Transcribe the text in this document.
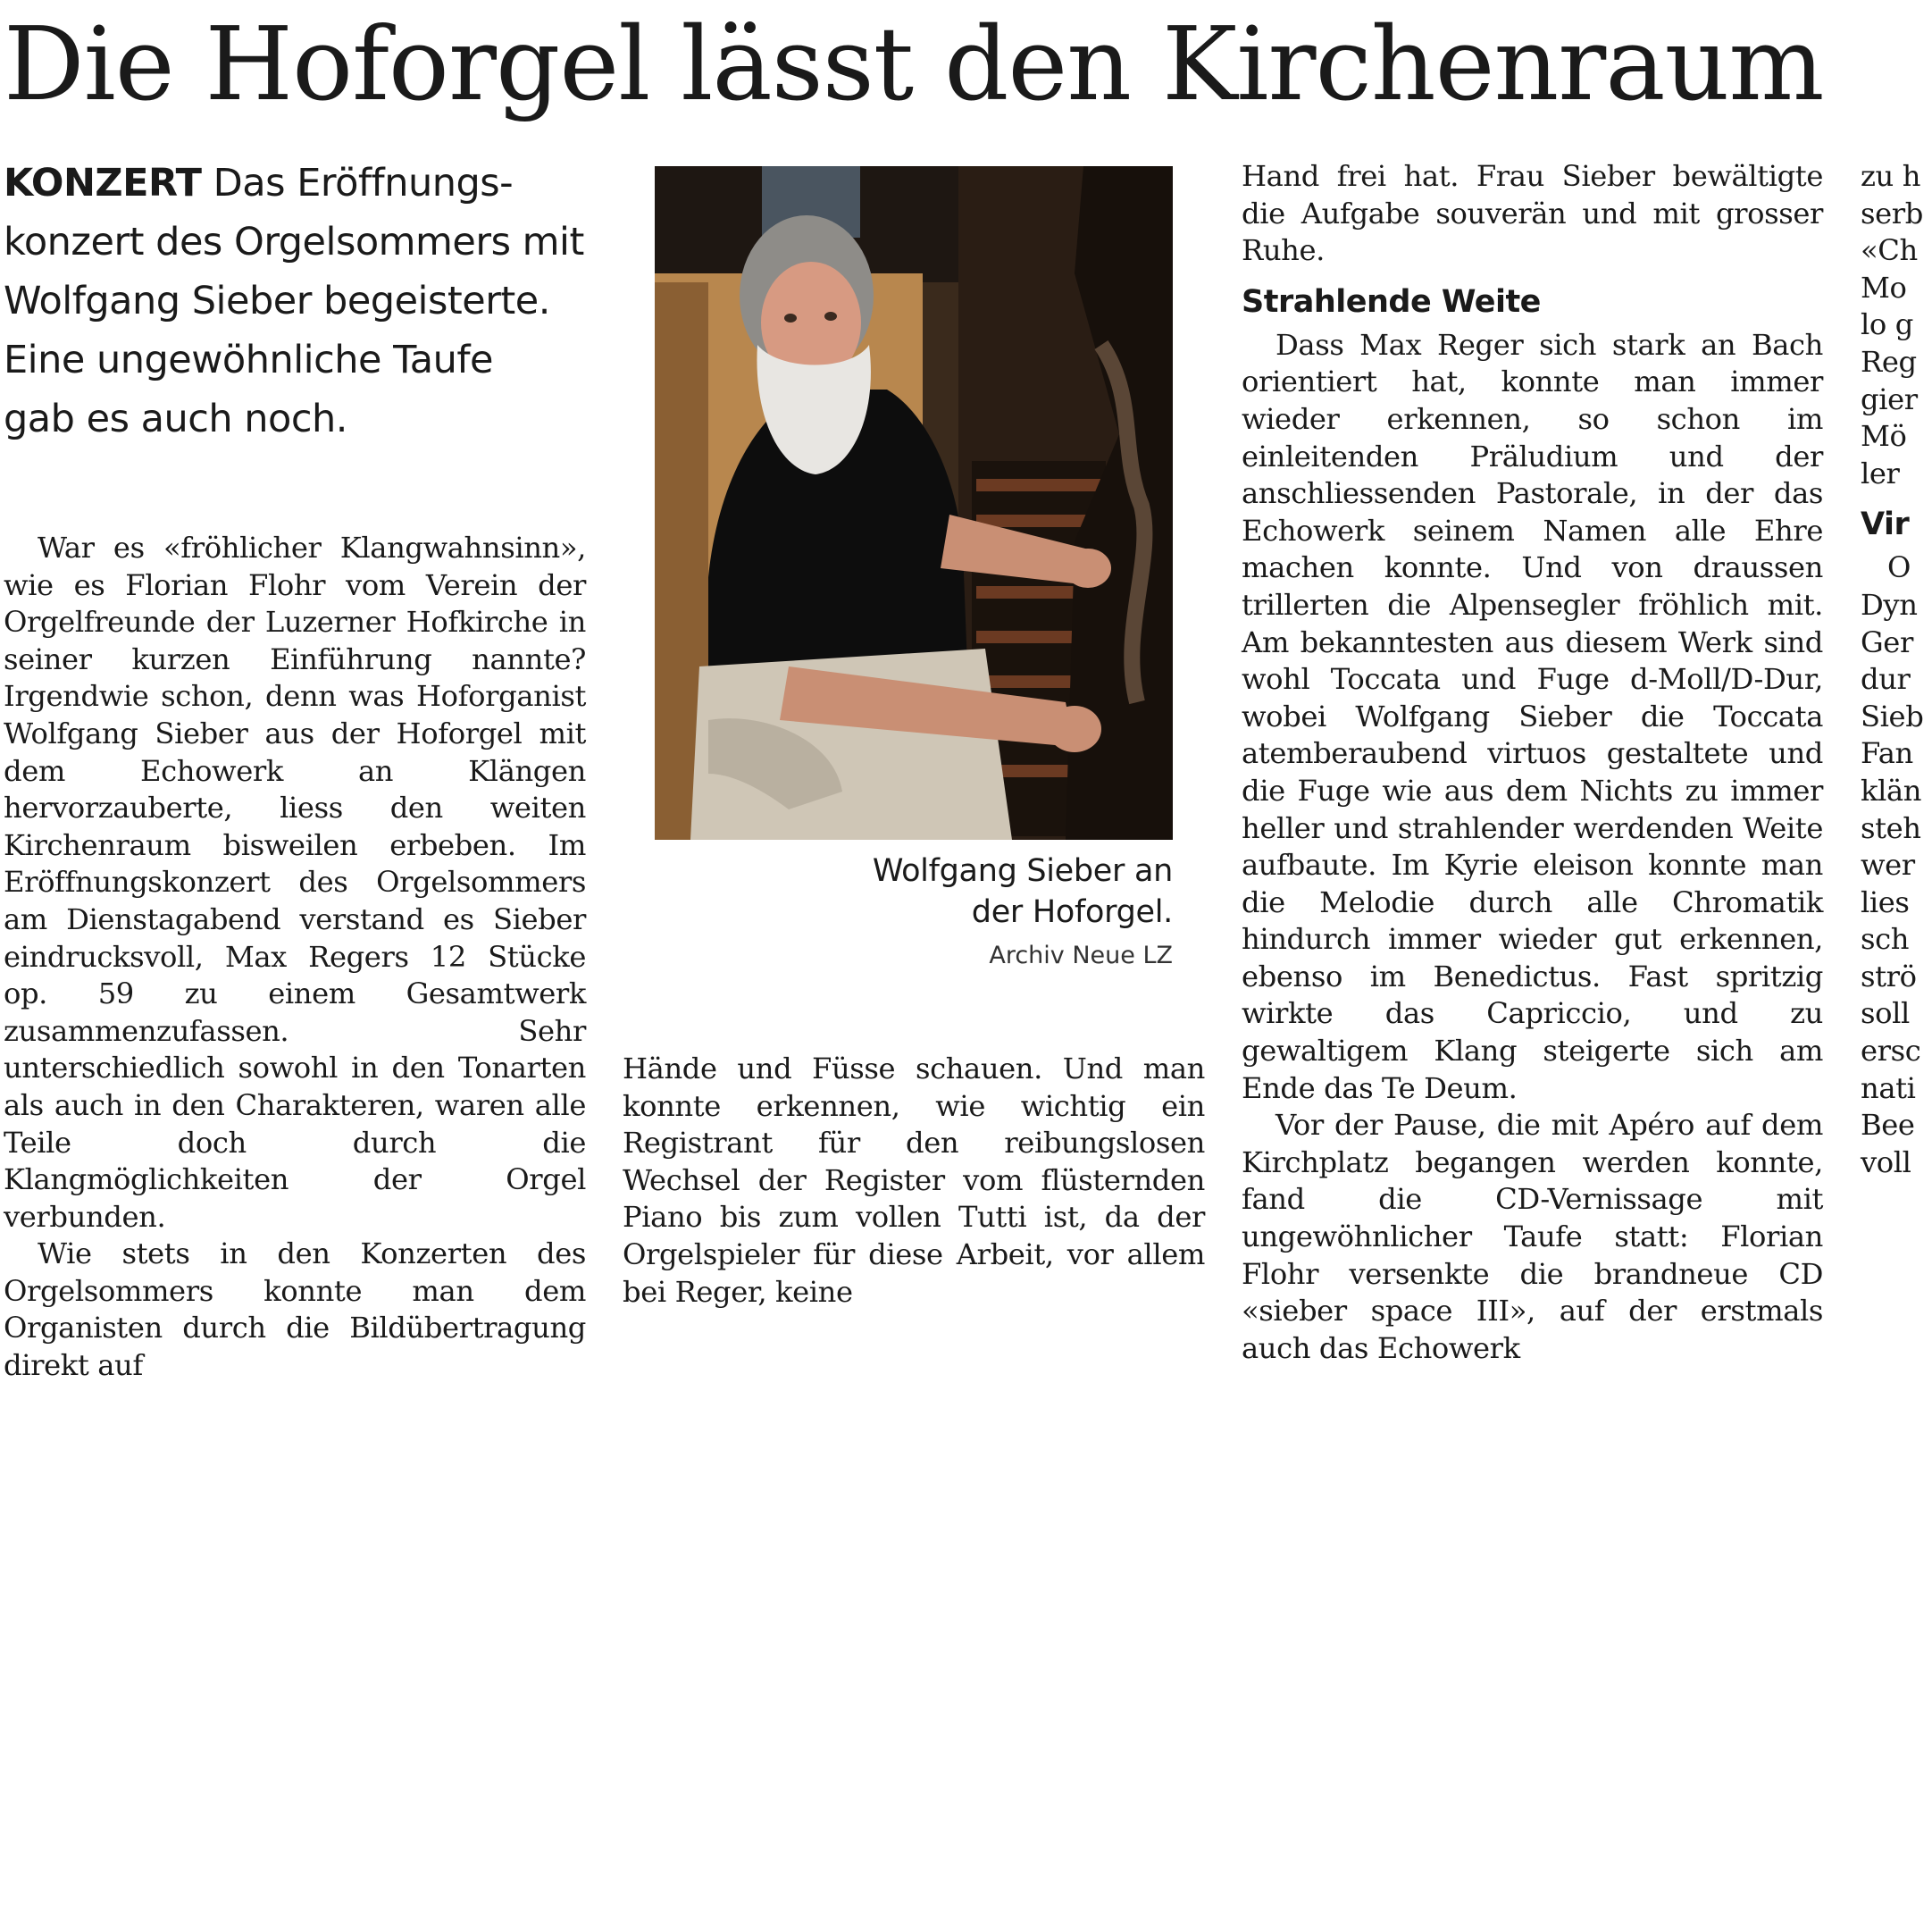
Die Hoforgel lässt den Kirchenraum

KONZERT Das Eröffnungs-
konzert des Orgelsommers mit
Wolfgang Sieber begeisterte.
Eine ungewöhnliche Taufe
gab es auch noch.

War es «fröhlicher Klangwahnsinn», wie es Florian Flohr vom Verein der Orgelfreunde der Luzerner Hofkirche in seiner kurzen Einführung nannte? Irgendwie schon, denn was Hoforganist Wolfgang Sieber aus der Hoforgel mit dem Echowerk an Klängen hervorzauberte, liess den weiten Kirchenraum bisweilen erbeben. Im Eröffnungskonzert des Orgelsommers am Dienstagabend verstand es Sieber eindrucksvoll, Max Regers 12 Stücke op. 59 zu einem Gesamtwerk zusammenzufassen. Sehr unterschiedlich sowohl in den Tonarten als auch in den Charakteren, waren alle Teile doch durch die Klangmöglichkeiten der Orgel verbunden.

Wie stets in den Konzerten des Orgelsommers konnte man dem Organisten durch die Bildübertragung direkt auf

Wolfgang Sieber an
der Hoforgel.
Archiv Neue LZ

Hände und Füsse schauen. Und man konnte erkennen, wie wichtig ein Registrant für den reibungslosen Wechsel der Register vom flüsternden Piano bis zum vollen Tutti ist, da der Orgelspieler für diese Arbeit, vor allem bei Reger, keine

Hand frei hat. Frau Sieber bewältigte die Aufgabe souverän und mit grosser Ruhe.

Strahlende Weite

Dass Max Reger sich stark an Bach orientiert hat, konnte man immer wieder erkennen, so schon im einleitenden Präludium und der anschliessenden Pastorale, in der das Echowerk seinem Namen alle Ehre machen konnte. Und von draussen trillerten die Alpensegler fröhlich mit. Am bekanntesten aus diesem Werk sind wohl Toccata und Fuge d-Moll/D-Dur, wobei Wolfgang Sieber die Toccata atemberaubend virtuos gestaltete und die Fuge wie aus dem Nichts zu immer heller und strahlender werdenden Weite aufbaute. Im Kyrie eleison konnte man die Melodie durch alle Chromatik hindurch immer wieder gut erkennen, ebenso im Benedictus. Fast spritzig wirkte das Capriccio, und zu gewaltigem Klang steigerte sich am Ende das Te Deum.

Vor der Pause, die mit Apéro auf dem Kirchplatz begangen werden konnte, fand die CD-Vernissage mit ungewöhnlicher Taufe statt: Florian Flohr versenkte die brandneue CD «sieber space III», auf der erstmals auch das Echowerk

zu h

serb

«Ch

Mo

lo g

Reg

gier

Mö

ler

Vir

O

Dyn

Ger

dur

Sieb

Fan

klän

steh

wer

lies

sch

strö

soll

ersc

nati

Bee

voll
